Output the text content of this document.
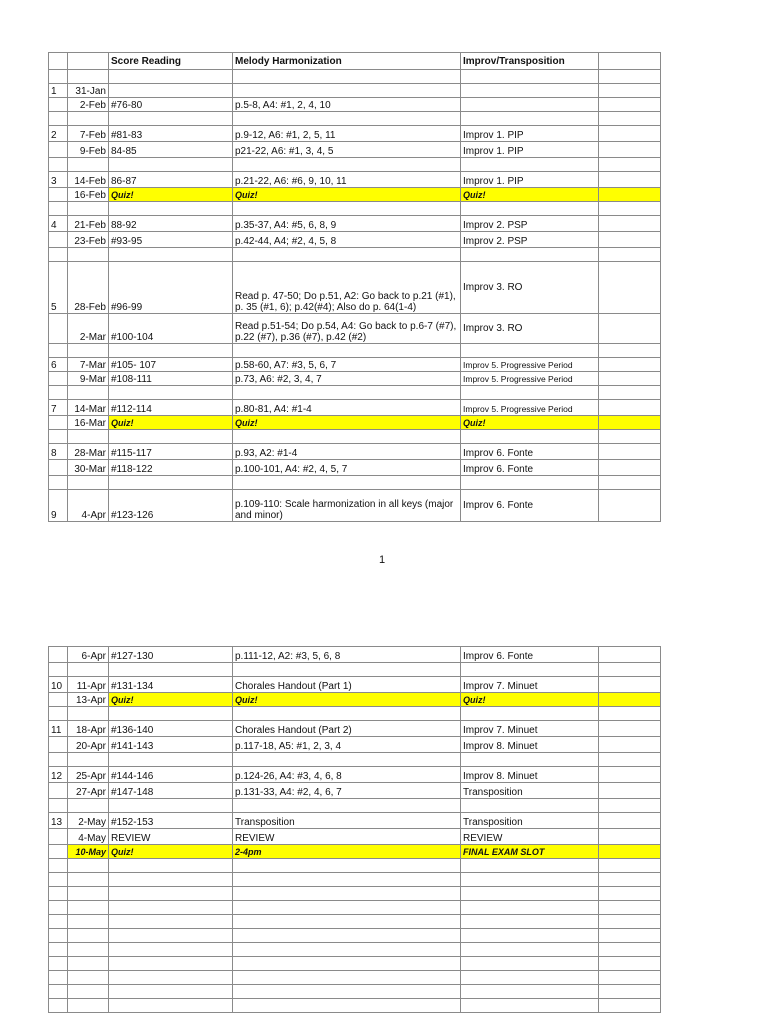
		Score Reading	Melody Harmonization	Improv/Transposition	

1	31-Jan				
	2-Feb	#76-80	p.5-8, A4: #1, 2, 4, 10		

2	7-Feb	#81-83	p.9-12, A6: #1, 2, 5, 11	Improv 1. PIP	
	9-Feb	84-85	p21-22, A6: #1, 3, 4, 5	Improv 1. PIP	

3	14-Feb	86-87	p.21-22, A6: #6, 9, 10, 11	Improv 1. PIP	
	16-Feb	Quiz!	Quiz!	Quiz!	

4	21-Feb	88-92	p.35-37, A4: #5, 6, 8, 9	Improv 2. PSP	
	23-Feb	#93-95	p.42-44, A4; #2, 4, 5, 8	Improv 2. PSP	

5	28-Feb	#96-99	Read p. 47-50; Do p.51, A2: Go back to p.21 (#1), p. 35 (#1, 6); p.42(#4); Also do p. 64(1-4)	Improv 3. RO	
	2-Mar	#100-104	Read p.51-54; Do p.54, A4: Go back to p.6-7 (#7), p.22 (#7), p.36 (#7), p.42 (#2)	Improv 3. RO	

6	7-Mar	#105- 107	p.58-60, A7: #3, 5, 6, 7	Improv 5. Progressive Period	
	9-Mar	#108-111	p.73, A6: #2, 3, 4, 7	Improv 5. Progressive Period	

7	14-Mar	#112-114	p.80-81, A4: #1-4	Improv 5. Progressive Period	
	16-Mar	Quiz!	Quiz!	Quiz!	

8	28-Mar	#115-117	p.93, A2: #1-4	Improv 6. Fonte	
	30-Mar	#118-122	p.100-101, A4: #2, 4, 5, 7	Improv 6. Fonte	

9	4-Apr	#123-126	p.109-110: Scale harmonization in all keys (major and minor)	Improv 6. Fonte	
1
	6-Apr	#127-130	p.111-12, A2: #3, 5, 6, 8	Improv 6. Fonte	

10	11-Apr	#131-134	Chorales Handout (Part 1)	Improv 7. Minuet	
	13-Apr	Quiz!	Quiz!	Quiz!	

11	18-Apr	#136-140	Chorales Handout (Part 2)	Improv 7. Minuet	
	20-Apr	#141-143	p.117-18, A5: #1, 2, 3, 4	Improv 8. Minuet	

12	25-Apr	#144-146	p.124-26, A4: #3, 4, 6, 8	Improv 8. Minuet	
	27-Apr	#147-148	p.131-33, A4: #2, 4, 6, 7	Transposition	

13	2-May	#152-153	Transposition	Transposition	
	4-May	REVIEW	REVIEW	REVIEW	
	10-May	Quiz!	2-4pm	FINAL EXAM SLOT	
